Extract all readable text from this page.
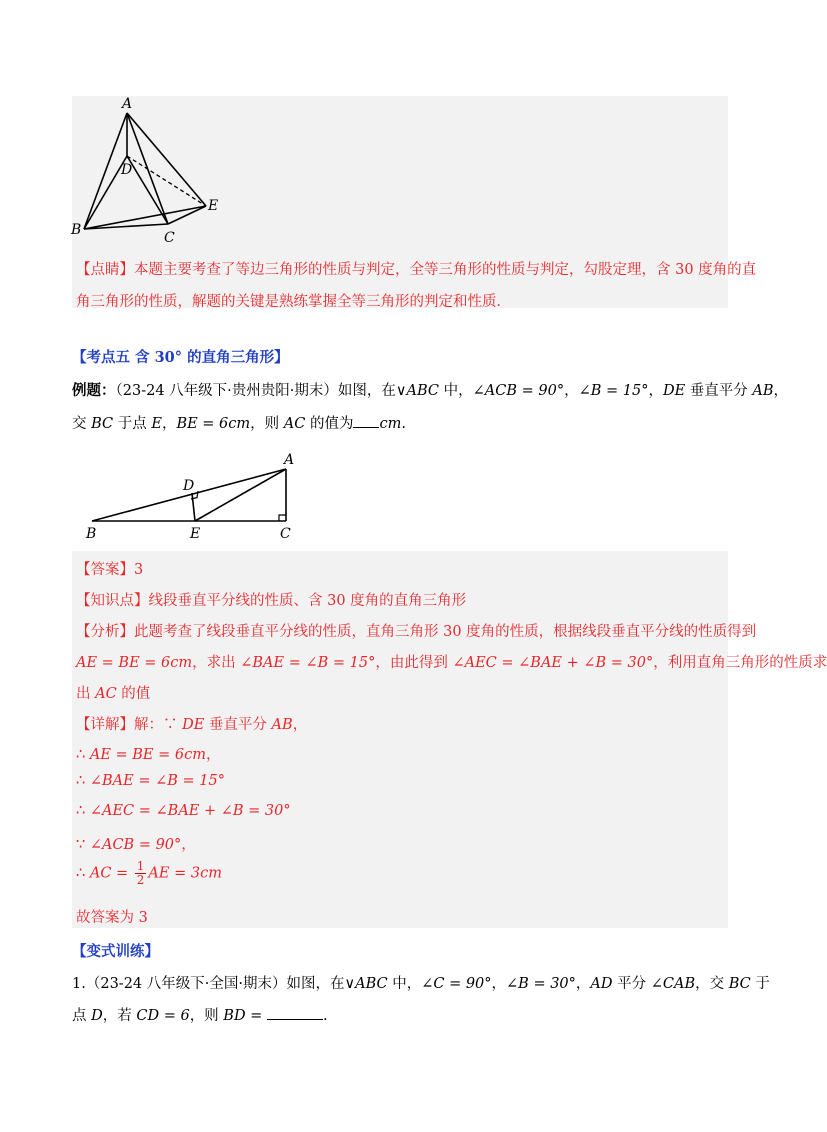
A
D
E
B	C
【点睛】本题主要考查了等边三角形的性质与判定，全等三角形的性质与判定，勾股定理，含 30 度角的直
角三角形的性质，解题的关键是熟练掌握全等三角形的判定和性质．
【考点五 含 30° 的直角三角形】
例题：（23-24 八年级下·贵州贵阳·期末）如图，在∨ABC 中，∠ACB = 90°，∠B = 15°，DE 垂直平分 AB，
交 BC 于点 E，BE = 6cm，则 AC 的值为 cm.
A
D
B	E	C
【答案】3
【知识点】线段垂直平分线的性质、含 30 度角的直角三角形
【分析】此题考查了线段垂直平分线的性质，直角三角形 30 度角的性质，根据线段垂直平分线的性质得到
AE = BE = 6cm，求出 ∠BAE = ∠B = 15°，由此得到 ∠AEC = ∠BAE + ∠B = 30°，利用直角三角形的性质求
出 AC 的值
【详解】解：∵ DE 垂直平分 AB，
∴ AE = BE = 6cm，
∴ ∠BAE = ∠B = 15°
∴ ∠AEC = ∠BAE + ∠B = 30°
∵ ∠ACB = 90°，
∴ AC = $\frac{1}{2}$ AE = 3cm
故答案为 3
【变式训练】
1.（23-24 八年级下·全国·期末）如图，在∨ABC 中，∠C = 90°，∠B = 30°，AD 平分 ∠CAB，交 BC 于
点 D，若 CD = 6，则 BD =	.
